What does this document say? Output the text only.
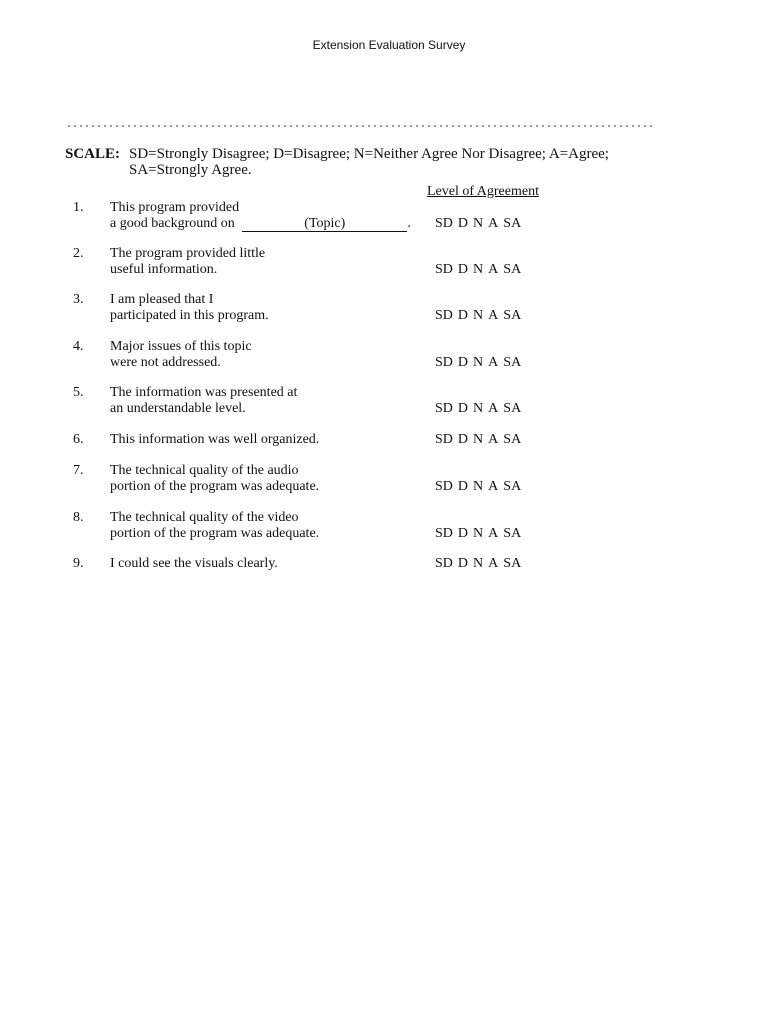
Extension Evaluation Survey
SCALE: SD=Strongly Disagree; D=Disagree; N=Neither Agree Nor Disagree; A=Agree;
SA=Strongly Agree.
Level of Agreement
1. This program provided
a good background on	(Topic)	. SD D N A SA
2. The program provided little
useful information.	SD D N A SA
3. I am pleased that I
participated in this program.	SD D N A SA
4. Major issues of this topic
were not addressed.	SD D N A SA
5. The information was presented at
an understandable level.	SD D N A SA
6. This information was well organized.	SD D N A SA
7. The technical quality of the audio
portion of the program was adequate.	SD D N A SA
8. The technical quality of the video
portion of the program was adequate.	SD D N A SA
9. I could see the visuals clearly.	SD D N A SA
